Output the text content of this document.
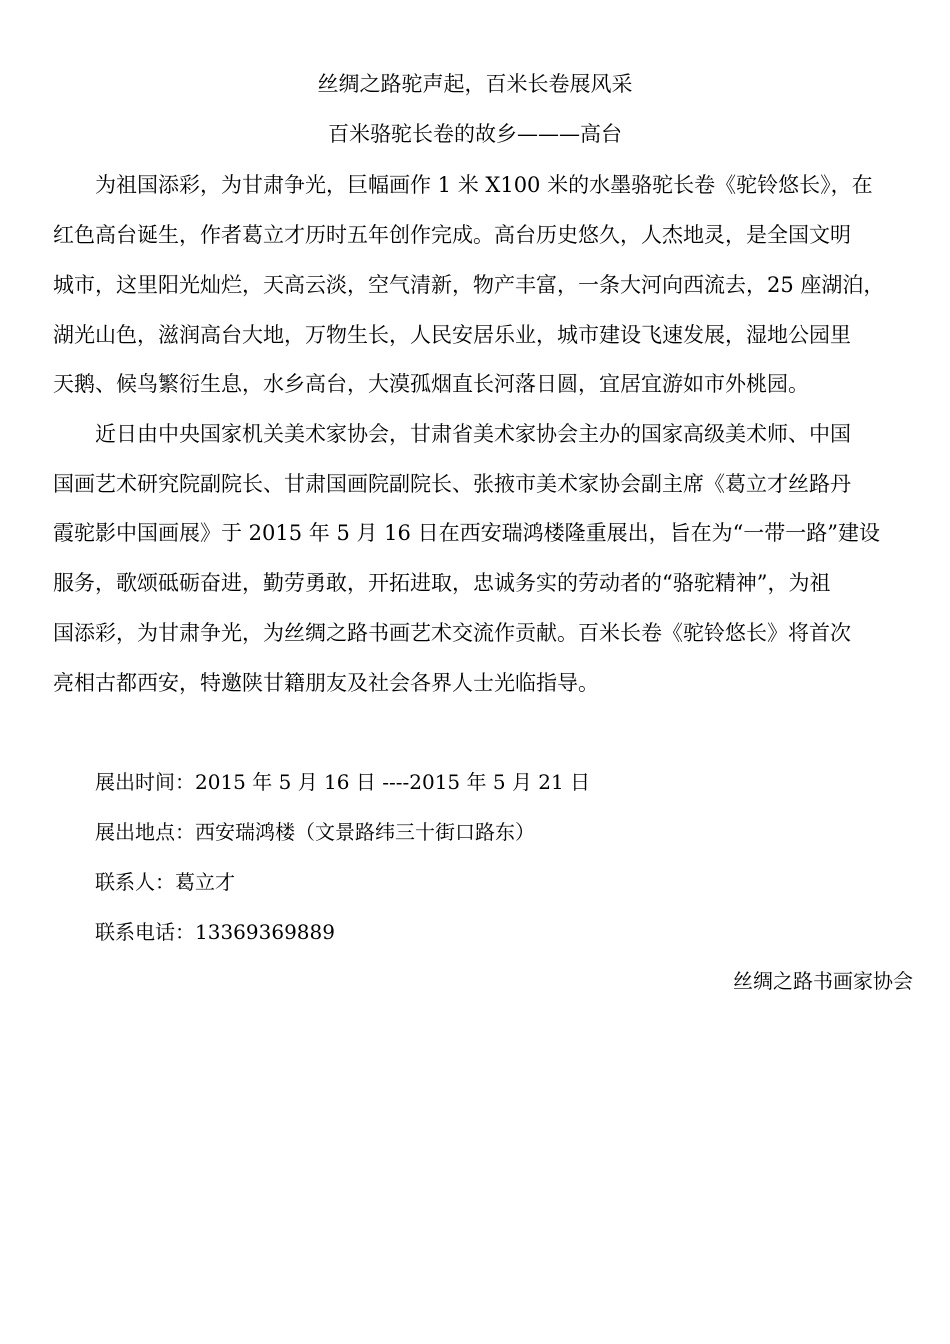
丝绸之路驼声起，百米长卷展风采
百米骆驼长卷的故乡———高台
为祖国添彩，为甘肃争光，巨幅画作 1 米 X100 米的水墨骆驼长卷《驼铃悠长》，在
红色高台诞生，作者葛立才历时五年创作完成。高台历史悠久，人杰地灵，是全国文明
城市，这里阳光灿烂，天高云淡，空气清新，物产丰富，一条大河向西流去，25 座湖泊，
湖光山色，滋润高台大地，万物生长，人民安居乐业，城市建设飞速发展，湿地公园里
天鹅、候鸟繁衍生息，水乡高台，大漠孤烟直长河落日圆，宜居宜游如市外桃园。
近日由中央国家机关美术家协会，甘肃省美术家协会主办的国家高级美术师、中国
国画艺术研究院副院长、甘肃国画院副院长、张掖市美术家协会副主席《葛立才丝路丹
霞驼影中国画展》于 2015 年 5 月 16 日在西安瑞鸿楼隆重展出，旨在为“一带一路”建设
服务，歌颂砥砺奋进，勤劳勇敢，开拓进取，忠诚务实的劳动者的“骆驼精神”，为祖
国添彩，为甘肃争光，为丝绸之路书画艺术交流作贡献。百米长卷《驼铃悠长》将首次
亮相古都西安，特邀陕甘籍朋友及社会各界人士光临指导。
展出时间：2015 年 5 月 16 日 ----2015 年 5 月 21 日
展出地点：西安瑞鸿楼（文景路纬三十街口路东）
联系人：葛立才
联系电话：13369369889
丝绸之路书画家协会
